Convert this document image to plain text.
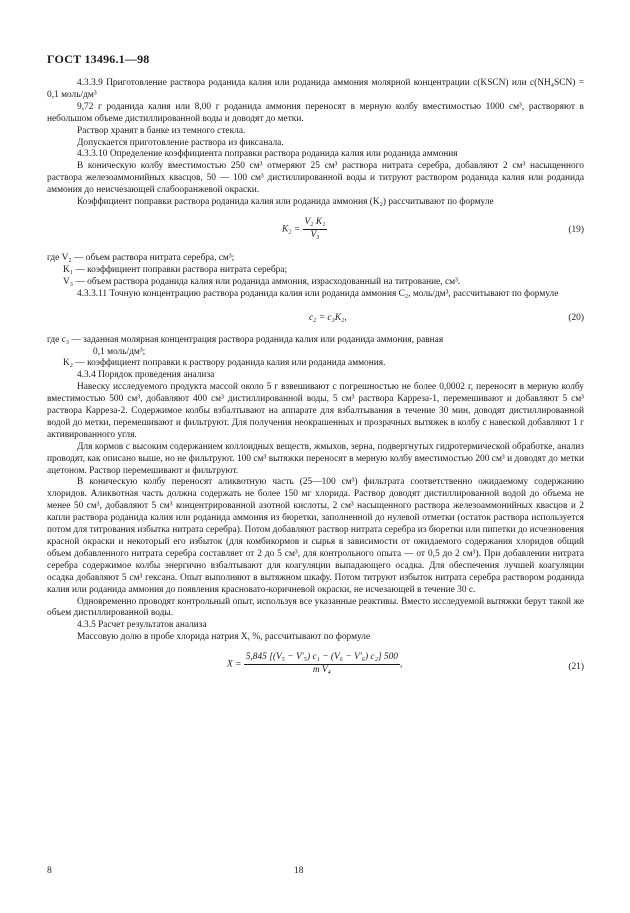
ГОСТ 13496.1—98

4.3.3.9 Приготовление раствора роданида калия или роданида аммония молярной концентрации c(KSCN) или c(NH₄SCN) = 0,1 моль/дм³

9,72 г роданида калия или 8,00 г роданида аммония переносят в мерную колбу вместимостью 1000 см³, растворяют в небольшом объеме дистиллированной воды и доводят до метки.

Раствор хранят в банке из темного стекла.

Допускается приготовление раствора из фиксанала.

4.3.3.10 Определение коэффициента поправки раствора роданида калия или роданида аммония

В коническую колбу вместимостью 250 см³ отмеряют 25 см³ раствора нитрата серебра, добавляют 2 см³ насыщенного раствора железоаммонийных квасцов, 50 — 100 см³ дистиллированной воды и титруют раствором роданида калия или роданида аммония до неисчезающей слабооранжевой окраски.

Коэффициент поправки раствора роданида калия или роданида аммония (K₂) рассчитывают по формуле

$K_2 = \frac{\text{V₂ K₁}}{\text{V₃}}$	(19)

где V₂ — объем раствора нитрата серебра, см³;

K₁ — коэффициент поправки раствора нитрата серебра;

V₃ — объем раствора роданида калия или роданида аммония, израсходованный на титрование, см³.

4.3.3.11 Точную концентрацию раствора роданида калия или роданида аммония C₂, моль/дм³, рассчитывают по формуле

c₂ = c₃K₂,	(20)

где c₃ — заданная молярная концентрация раствора роданида калия или роданида аммония, равная

0,1 моль/дм³;

K₂ — коэффициент поправки к раствору роданида калия или роданида аммония.

4.3.4 Порядок проведения анализа

Навеску исследуемого продукта массой около 5 г взвешивают с погрешностью не более 0,0002 г, переносят в мерную колбу вместимостью 500 см³, добавляют 400 см³ дистиллированной воды, 5 см³ раствора Карреза-1, перемешивают и добавляют 5 см³ раствора Карреза-2. Содержимое колбы взбалтывают на аппарате для взбалтывания в течение 30 мин, доводят дистиллированной водой до метки, перемешивают и фильтруют. Для получения неокрашенных и прозрачных вытяжек в колбу с навеской добавляют 1 г активированного угля.

Для кормов с высоким содержанием коллоидных веществ, жмыхов, зерна, подвергнутых гидротермической обработке, анализ проводят, как описано выше, но не фильтруют. 100 см³ вытяжки переносят в мерную колбу вместимостью 200 см³ и доводят до метки ацетоном. Раствор перемешивают и фильтруют.

В коническую колбу переносят аликвотную часть (25—100 см³) фильтрата соответственно ожидаемому содержанию хлоридов. Аликвотная часть должна содержать не более 150 мг хлорида. Раствор доводят дистиллированной водой до объема не менее 50 см³, добавляют 5 см³ концентрированной азотной кислоты, 2 см³ насыщенного раствора железоаммонийных квасцов и 2 капли раствора роданида калия или роданида аммония из бюретки, заполненной до нулевой отметки (остаток раствора используется потом для титрования избытка нитрата серебра). Потом добавляют раствор нитрата серебра из бюретки или пипетки до исчезновения красной окраски и некоторый его избыток (для комбикормов и сырья в зависимости от ожидаемого содержания хлоридов общий объем добавленного нитрата серебра составляет от 2 до 5 см³, для контрольного опыта — от 0,5 до 2 см³). При добавлении нитрата серебра содержимое колбы энергично взбалтывают для коагуляции выпадающего осадка. Для обеспечения лучшей коагуляции осадка добавляют 5 см³ гексана. Опыт выполняют в вытяжном шкафу. Потом титруют избыток нитрата серебра раствором роданида калия или роданида аммония до появления красновато-коричневой окраски, не исчезающей в течение 30 с.

Одновременно проводят контрольный опыт, используя все указанные реактивы. Вместо исследуемой вытяжки берут такой же объем дистиллированной воды.

4.3.5 Расчет результатов анализа

Массовую долю в пробе хлорида натрия X, %, рассчитывают по формуле

$X = \frac{\text{5,845 [(V₅ − V′₅) c₁ − (V₆ − V′₆) c₂] 500}}{\text{m V₄}}$ ,	(21)
8	18
